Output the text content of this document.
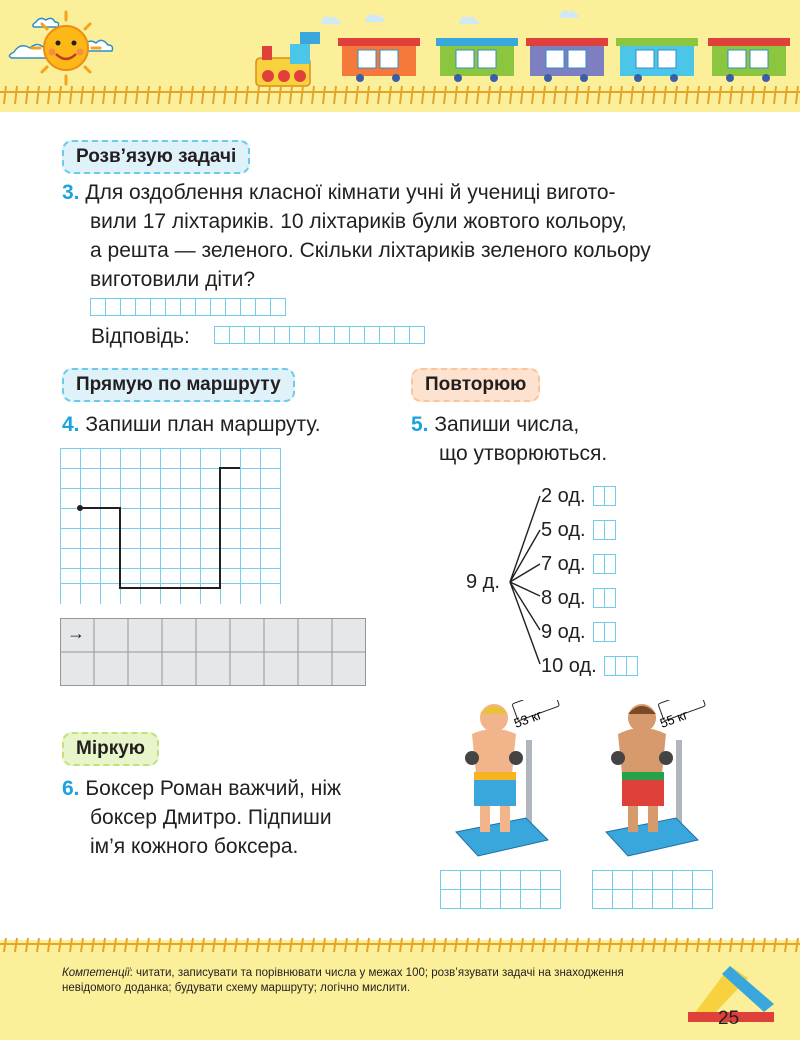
Розв’язую задачі
3. Для оздоблення класної кімнати учні й учениці вигото-
вили 17 ліхтариків. 10 ліхтариків були жовтого кольору,
а решта — зеленого. Скільки ліхтариків зеленого кольору
виготовили діти?
Відповідь:
Прямую по маршруту
4. Запиши план маршруту.
→
Повторюю
5. Запиши числа,
що утворюються.
9 д.
2 од.
5 од.
7 од.
8 од.
9 од.
10 од.
53 кг	55 кг
Міркую
6. Боксер Роман важчий, ніж
боксер Дмитро. Підпиши
ім’я кожного боксера.
Компетенції: читати, записувати та порівнювати числа у межах 100; розв’язувати задачі на знаходження невідомого доданка; будувати схему маршруту; логічно мислити.
25
